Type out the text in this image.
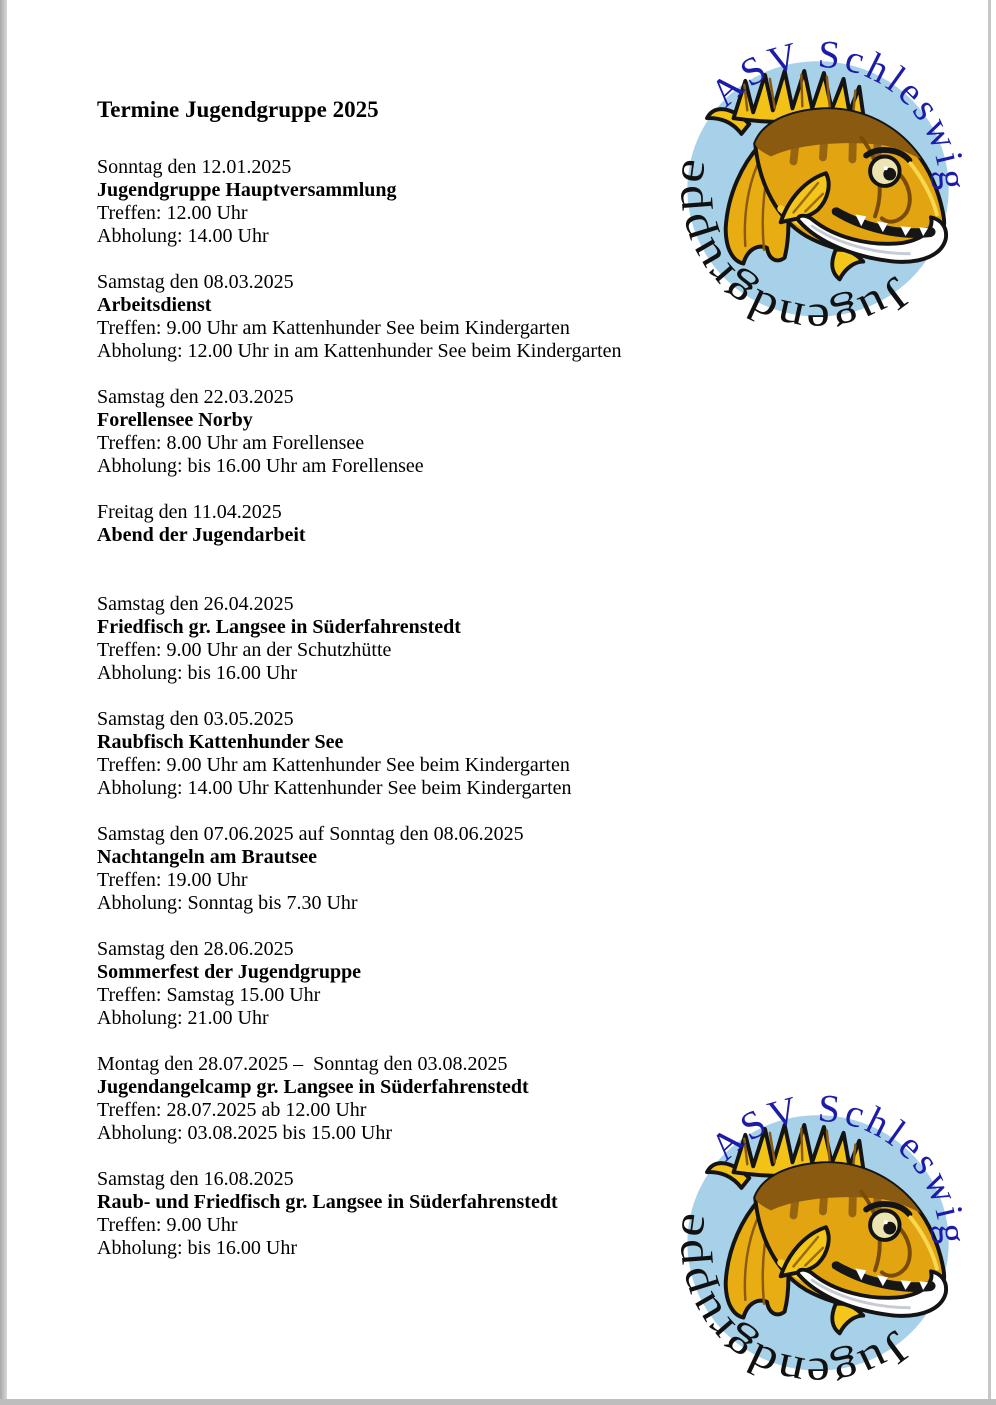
Termine Jugendgruppe 2025
Sonntag den 12.01.2025
Jugendgruppe Hauptversammlung
Treffen: 12.00 Uhr
Abholung: 14.00 Uhr
Samstag den 08.03.2025
Arbeitsdienst
Treffen: 9.00 Uhr am Kattenhunder See beim Kindergarten
Abholung: 12.00 Uhr in am Kattenhunder See beim Kindergarten
Samstag den 22.03.2025
Forellensee Norby
Treffen: 8.00 Uhr am Forellensee
Abholung: bis 16.00 Uhr am Forellensee
Freitag den 11.04.2025
Abend der Jugendarbeit
Samstag den 26.04.2025
Friedfisch gr. Langsee in Süderfahrenstedt
Treffen: 9.00 Uhr an der Schutzhütte
Abholung: bis 16.00 Uhr
Samstag den 03.05.2025
Raubfisch Kattenhunder See
Treffen: 9.00 Uhr am Kattenhunder See beim Kindergarten
Abholung: 14.00 Uhr Kattenhunder See beim Kindergarten
Samstag den 07.06.2025 auf Sonntag den 08.06.2025
Nachtangeln am Brautsee
Treffen: 19.00 Uhr
Abholung: Sonntag bis 7.30 Uhr
Samstag den 28.06.2025
Sommerfest der Jugendgruppe
Treffen: Samstag 15.00 Uhr
Abholung: 21.00 Uhr
Montag den 28.07.2025 –  Sonntag den 03.08.2025
Jugendangelcamp gr. Langsee in Süderfahrenstedt
Treffen: 28.07.2025 ab 12.00 Uhr
Abholung: 03.08.2025 bis 15.00 Uhr
Samstag den 16.08.2025
Raub- und Friedfisch gr. Langsee in Süderfahrenstedt
Treffen: 9.00 Uhr
Abholung: bis 16.00 Uhr
